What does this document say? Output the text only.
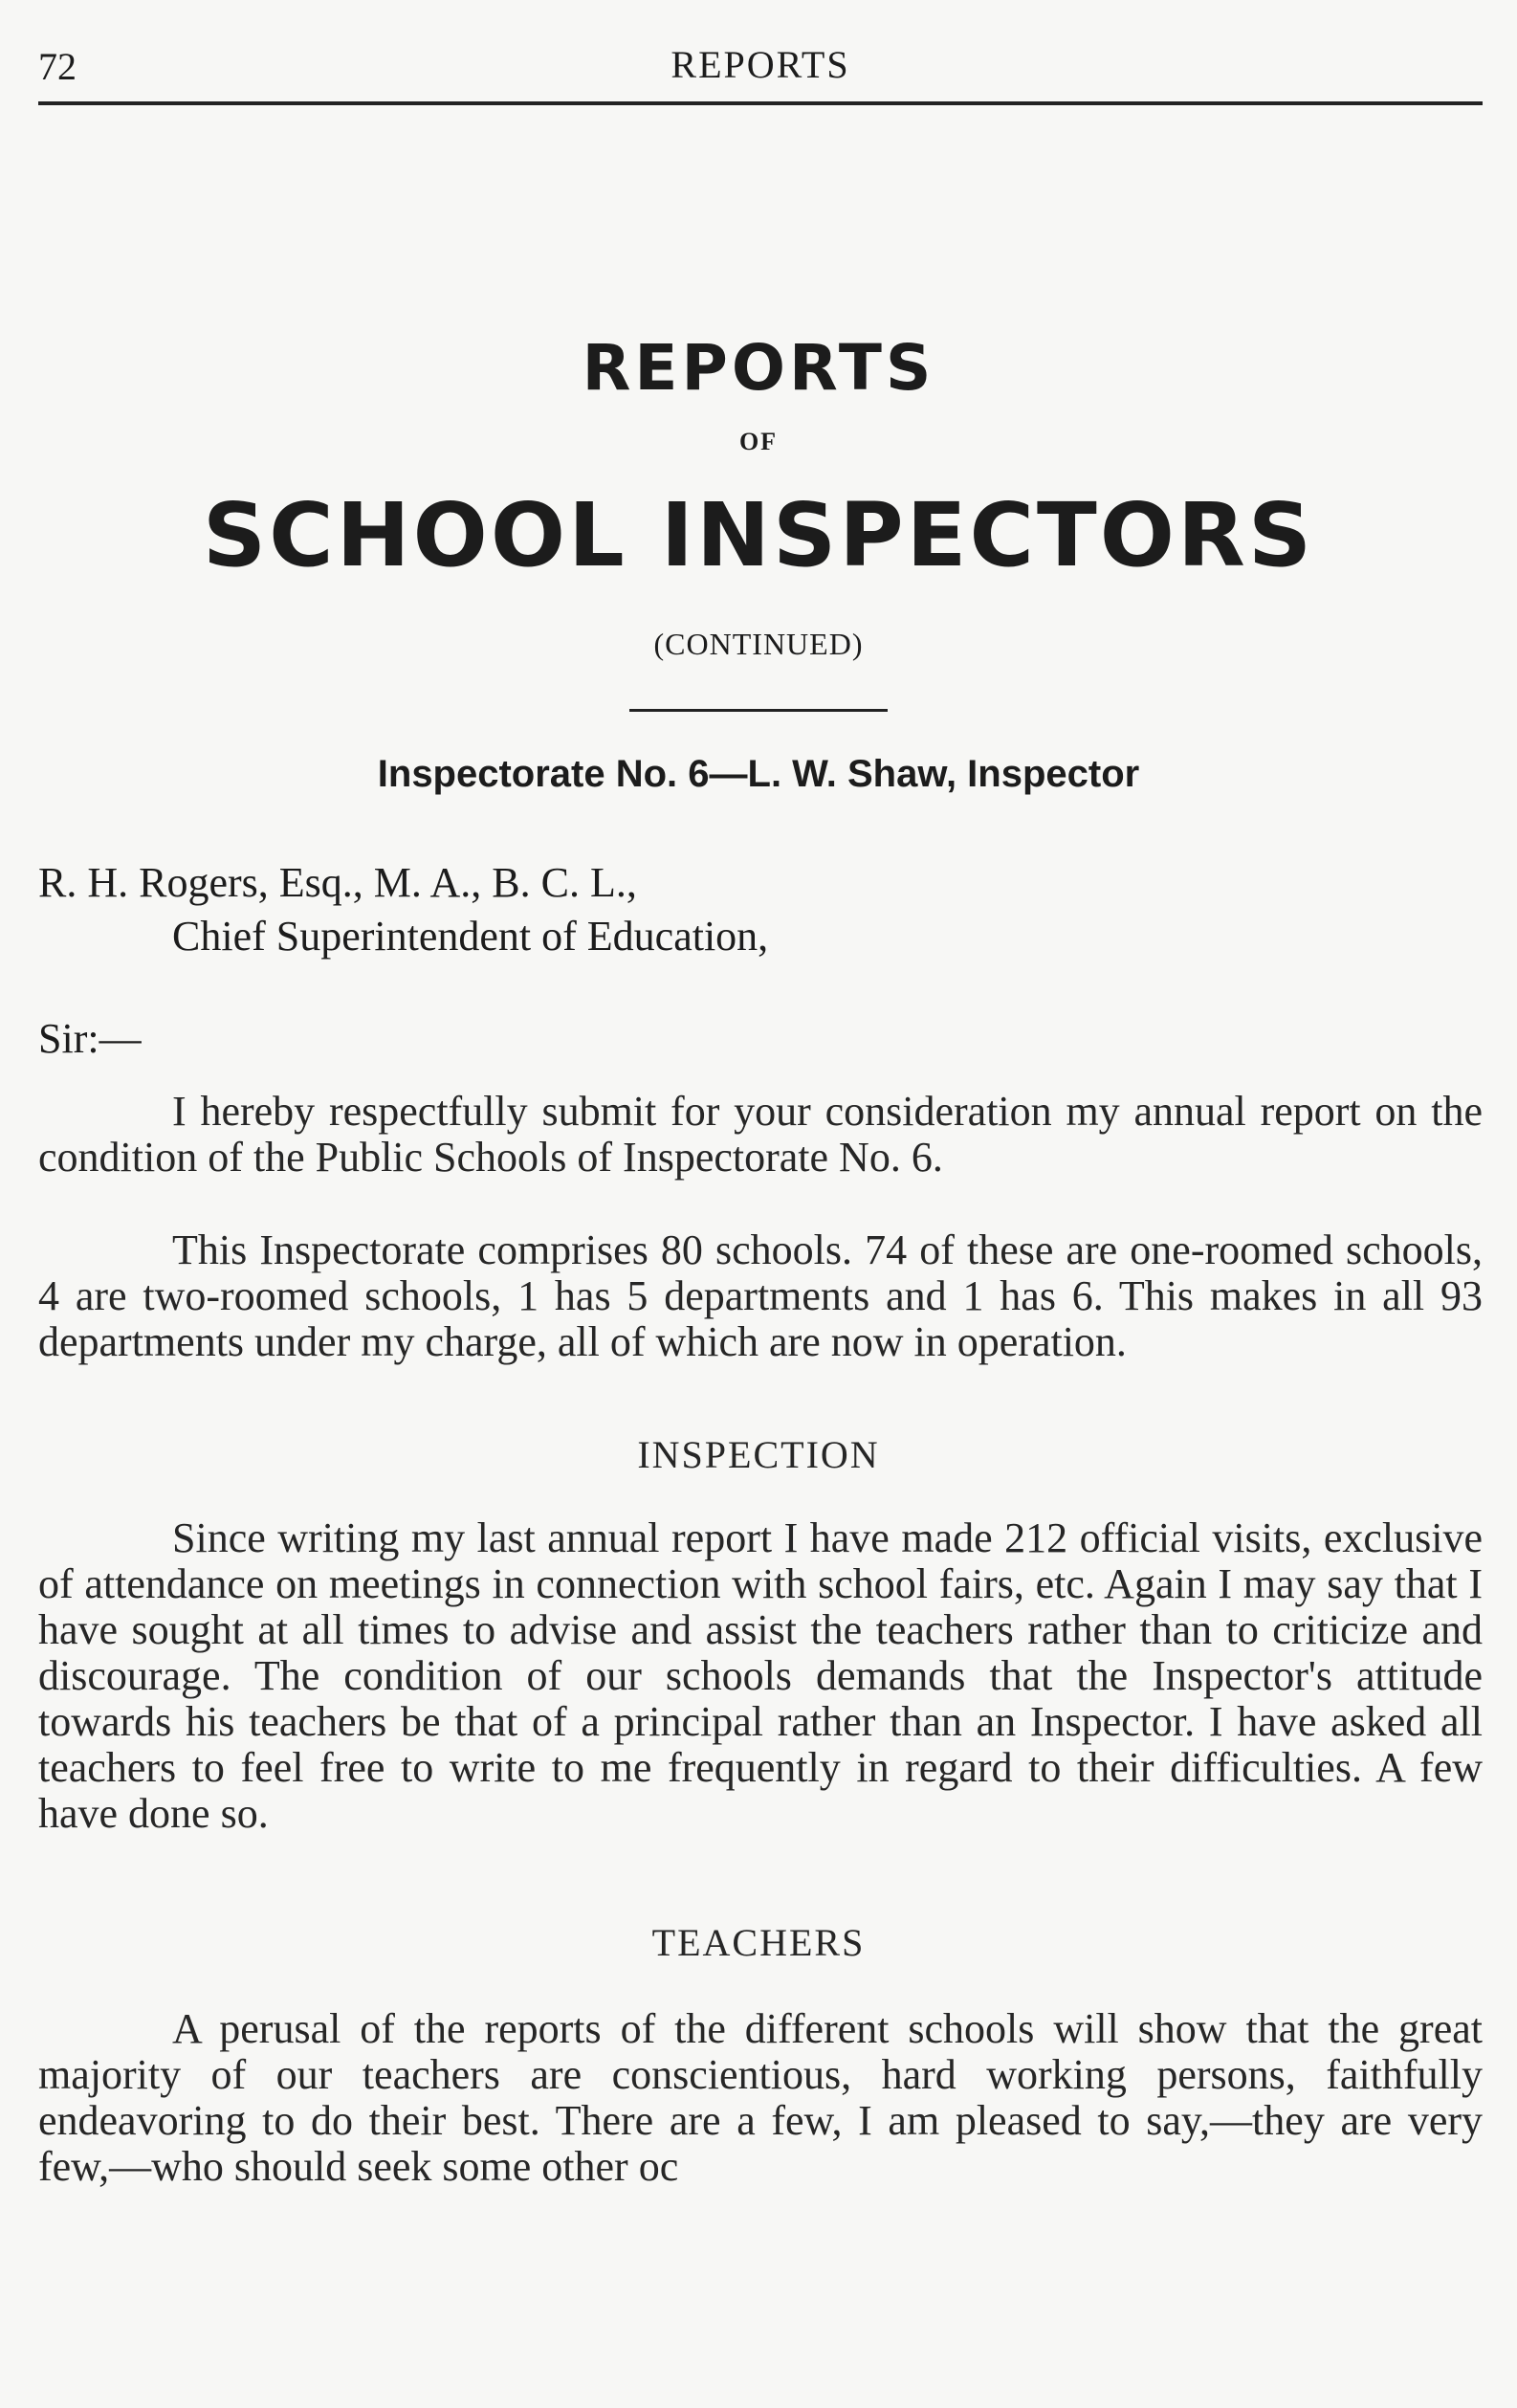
72	REPORTS
REPORTS
OF
SCHOOL INSPECTORS
(CONTINUED)
Inspectorate No. 6—L. W. Shaw, Inspector
R. H. Rogers, Esq., M. A., B. C. L.,
Chief Superintendent of Education,
Sir:—
I hereby respectfully submit for your consideration my annual report on the condition of the Public Schools of Inspectorate No. 6.
This Inspectorate comprises 80 schools. 74 of these are one-roomed schools, 4 are two-roomed schools, 1 has 5 departments and 1 has 6. This makes in all 93 departments under my charge, all of which are now in operation.
INSPECTION
Since writing my last annual report I have made 212 official visits, exclusive of attendance on meetings in connection with school fairs, etc. Again I may say that I have sought at all times to advise and assist the teachers rather than to criticize and discourage. The condition of our schools demands that the Inspector's attitude towards his teachers be that of a principal rather than an Inspector. I have asked all teachers to feel free to write to me frequently in regard to their difficulties. A few have done so.
TEACHERS
A perusal of the reports of the different schools will show that the great majority of our teachers are conscientious, hard working persons, faithfully endeavoring to do their best. There are a few, I am pleased to say,—they are very few,—who should seek some other oc
